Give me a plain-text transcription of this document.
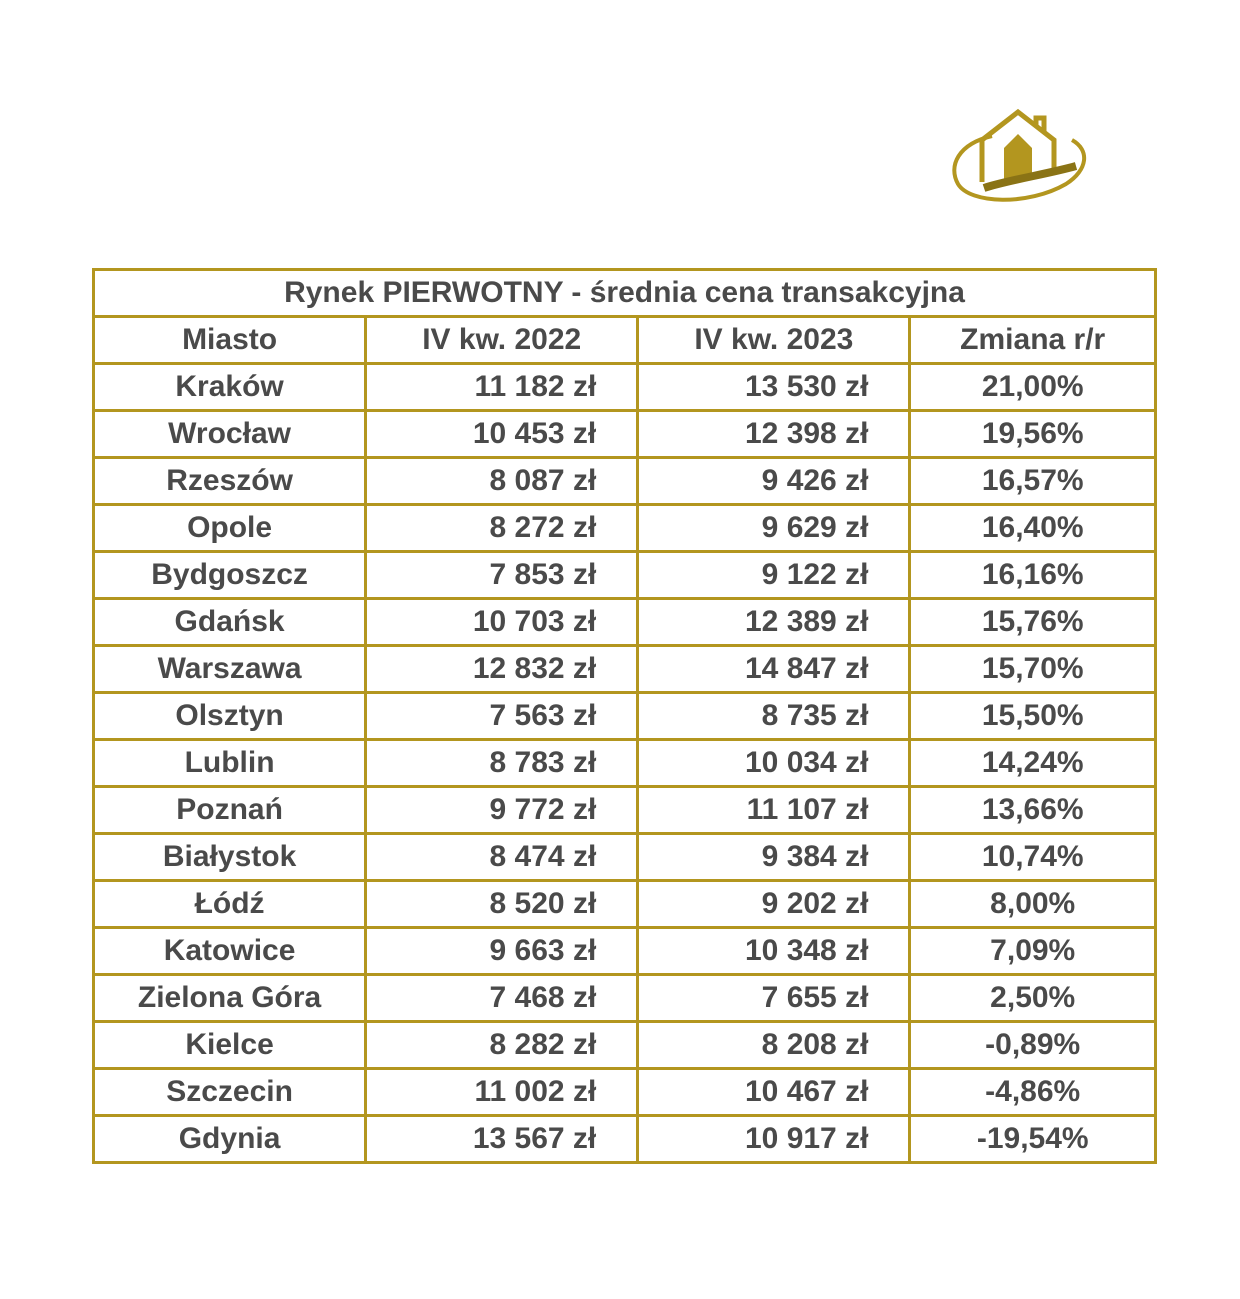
Rynek PIERWOTNY - średnia cena transakcyjna			
Miasto	IV kw. 2022	IV kw. 2023	Zmiana r/r
Kraków	11 182 zł	13 530 zł	21,00%
Wrocław	10 453 zł	12 398 zł	19,56%
Rzeszów	8 087 zł	9 426 zł	16,57%
Opole	8 272 zł	9 629 zł	16,40%
Bydgoszcz	7 853 zł	9 122 zł	16,16%
Gdańsk	10 703 zł	12 389 zł	15,76%
Warszawa	12 832 zł	14 847 zł	15,70%
Olsztyn	7 563 zł	8 735 zł	15,50%
Lublin	8 783 zł	10 034 zł	14,24%
Poznań	9 772 zł	11 107 zł	13,66%
Białystok	8 474 zł	9 384 zł	10,74%
Łódź	8 520 zł	9 202 zł	8,00%
Katowice	9 663 zł	10 348 zł	7,09%
Zielona Góra	7 468 zł	7 655 zł	2,50%
Kielce	8 282 zł	8 208 zł	-0,89%
Szczecin	11 002 zł	10 467 zł	-4,86%
Gdynia	13 567 zł	10 917 zł	-19,54%
